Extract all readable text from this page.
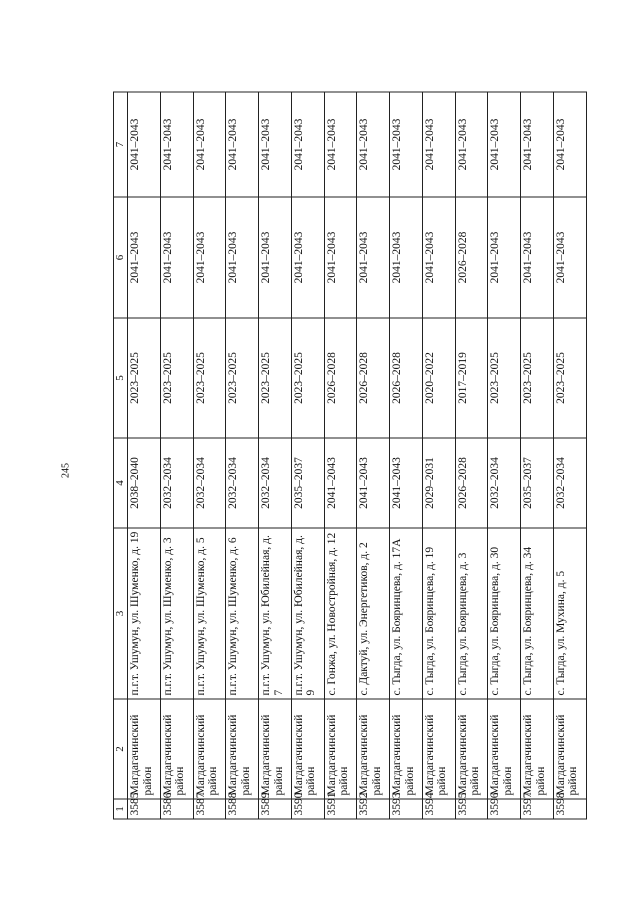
245
1	2	3	4	5	6	7
3585	Магдагачинский район	п.г.т. Ушумун, ул. Шуменко, д. 19	2038–2040	2023–2025	2041–2043	2041–2043
3586	Магдагачинский район	п.г.т. Ушумун, ул. Шуменко, д. 3	2032–2034	2023–2025	2041–2043	2041–2043
3587	Магдагачинский район	п.г.т. Ушумун, ул. Шуменко, д. 5	2032–2034	2023–2025	2041–2043	2041–2043
3588	Магдагачинский район	п.г.т. Ушумун, ул. Шуменко, д. 6	2032–2034	2023–2025	2041–2043	2041–2043
3589	Магдагачинский район	п.г.т. Ушумун, ул. Юбилейная, д. 7	2032–2034	2023–2025	2041–2043	2041–2043
3590	Магдагачинский район	п.г.т. Ушумун, ул. Юбилейная, д. 9	2035–2037	2023–2025	2041–2043	2041–2043
3591	Магдагачинский район	с. Гонжа, ул. Новостройная, д. 12	2041–2043	2026–2028	2041–2043	2041–2043
3592	Магдагачинский район	с. Дактуй, ул. Энергетиков, д. 2	2041–2043	2026–2028	2041–2043	2041–2043
3593	Магдагачинский район	с. Тыгда, ул. Бояринцева, д. 17А	2041–2043	2026–2028	2041–2043	2041–2043
3594	Магдагачинский район	с. Тыгда, ул. Бояринцева, д. 19	2029–2031	2020–2022	2041–2043	2041–2043
3595	Магдагачинский район	с. Тыгда, ул. Бояринцева, д. 3	2026–2028	2017–2019	2026–2028	2041–2043
3596	Магдагачинский район	с. Тыгда, ул. Бояринцева, д. 30	2032–2034	2023–2025	2041–2043	2041–2043
3597	Магдагачинский район	с. Тыгда, ул. Бояринцева, д. 34	2035–2037	2023–2025	2041–2043	2041–2043
3598	Магдагачинский район	с. Тыгда, ул. Мухина, д. 5	2032–2034	2023–2025	2041–2043	2041–2043
